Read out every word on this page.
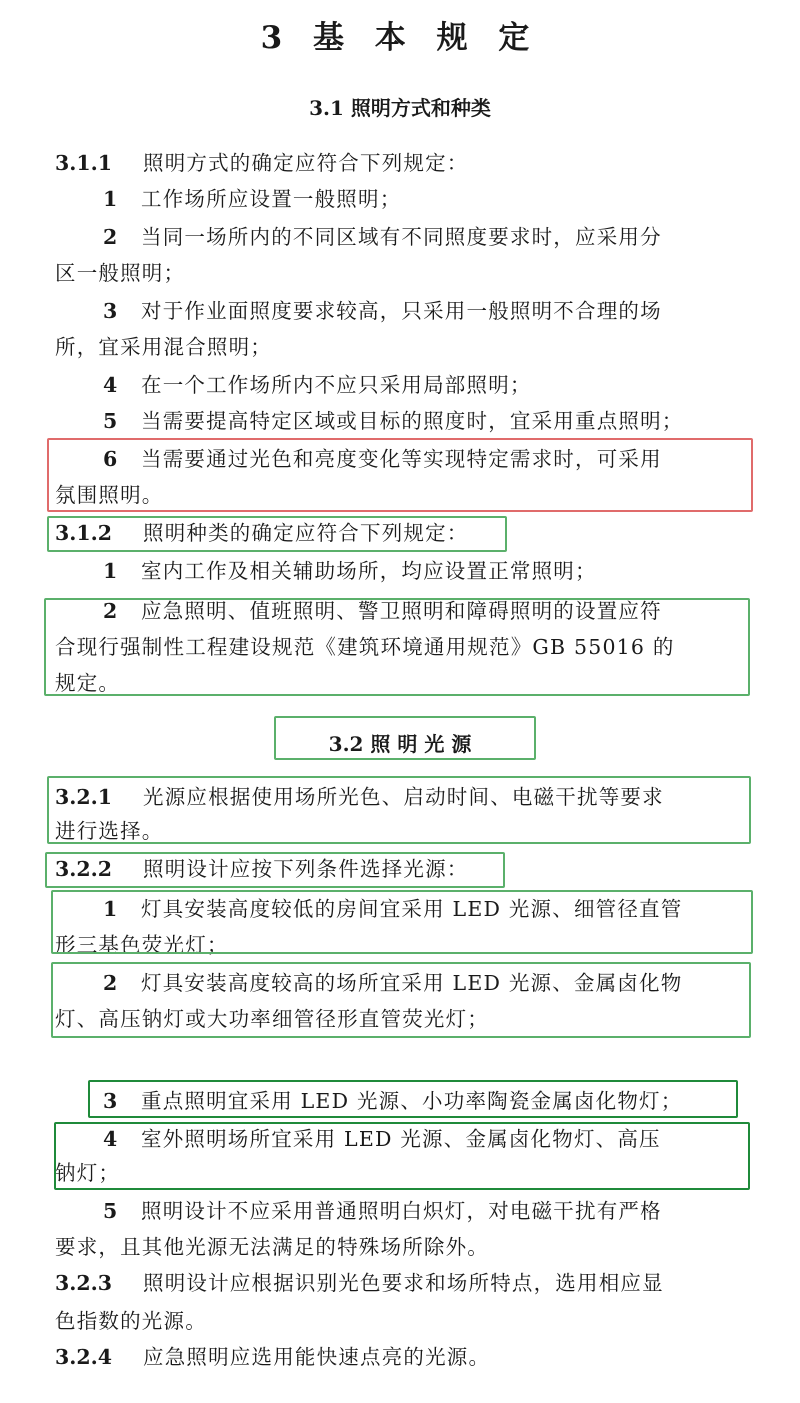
3 基 本 规 定
3.1 照明方式和种类
3.1.1 照明方式的确定应符合下列规定：
1 工作场所应设置一般照明；
2 当同一场所内的不同区域有不同照度要求时，应采用分
区一般照明；
3 对于作业面照度要求较高，只采用一般照明不合理的场
所，宜采用混合照明；
4 在一个工作场所内不应只采用局部照明；
5 当需要提高特定区域或目标的照度时，宜采用重点照明；
6 当需要通过光色和亮度变化等实现特定需求时，可采用
氛围照明。
3.1.2 照明种类的确定应符合下列规定：
1 室内工作及相关辅助场所，均应设置正常照明；
2 应急照明、值班照明、警卫照明和障碍照明的设置应符
合现行强制性工程建设规范《建筑环境通用规范》GB 55016 的
规定。
3.2 照 明 光 源
3.2.1 光源应根据使用场所光色、启动时间、电磁干扰等要求
进行选择。
3.2.2 照明设计应按下列条件选择光源：
1 灯具安装高度较低的房间宜采用 LED 光源、细管径直管
形三基色荧光灯；
2 灯具安装高度较高的场所宜采用 LED 光源、金属卤化物
灯、高压钠灯或大功率细管径形直管荧光灯；
3 重点照明宜采用 LED 光源、小功率陶瓷金属卤化物灯；
4 室外照明场所宜采用 LED 光源、金属卤化物灯、高压
钠灯；
5 照明设计不应采用普通照明白炽灯，对电磁干扰有严格
要求，且其他光源无法满足的特殊场所除外。
3.2.3 照明设计应根据识别光色要求和场所特点，选用相应显
色指数的光源。
3.2.4 应急照明应选用能快速点亮的光源。
